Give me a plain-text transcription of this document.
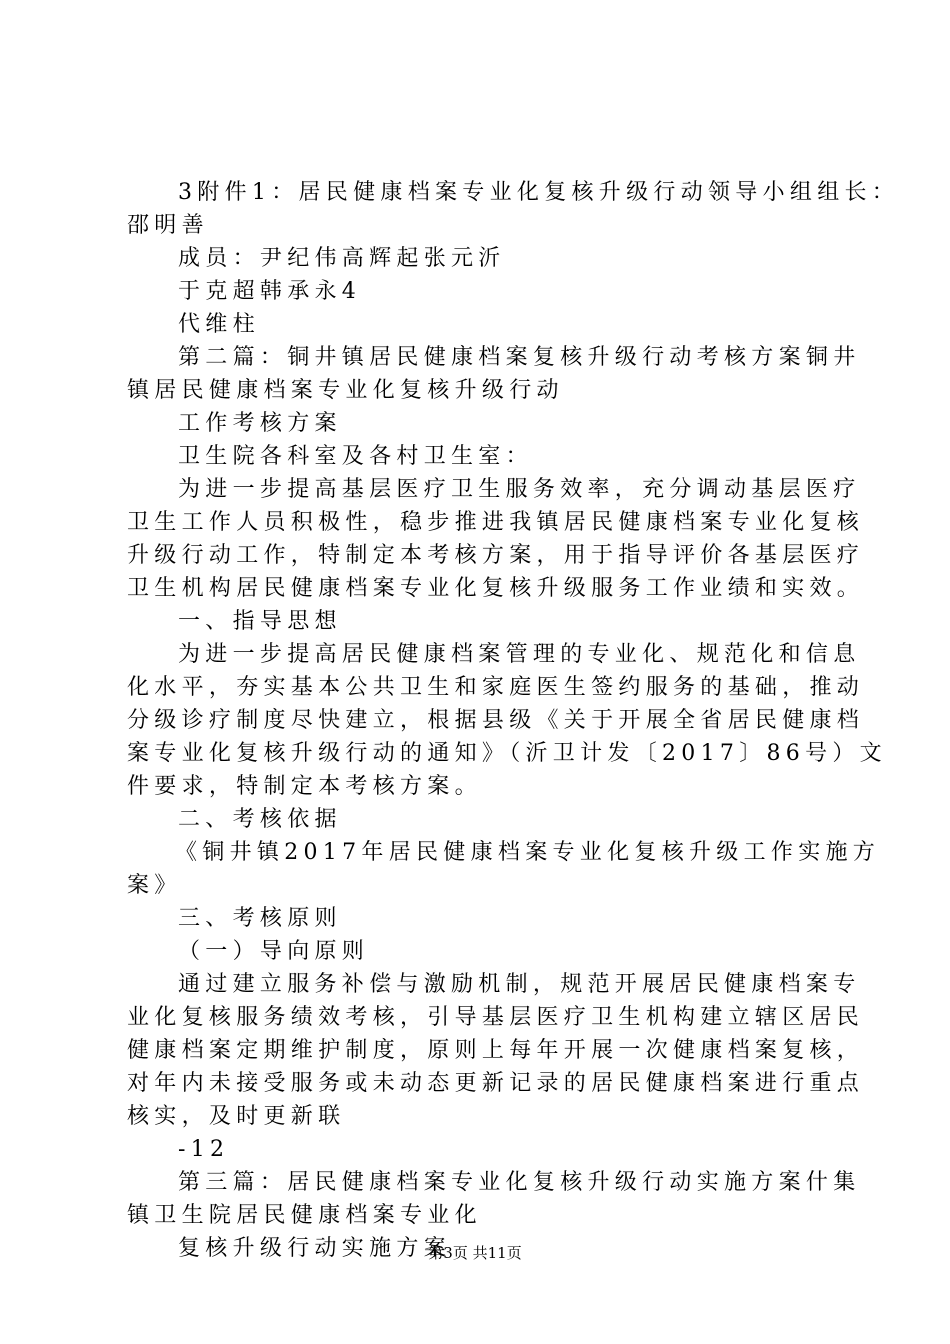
3附件1：居民健康档案专业化复核升级行动领导小组组长：
邵明善
成员：尹纪伟高辉起张元沂
于克超韩承永4
代维柱
第二篇：铜井镇居民健康档案复核升级行动考核方案铜井
镇居民健康档案专业化复核升级行动
工作考核方案
卫生院各科室及各村卫生室：
为进一步提高基层医疗卫生服务效率，充分调动基层医疗
卫生工作人员积极性，稳步推进我镇居民健康档案专业化复核
升级行动工作，特制定本考核方案，用于指导评价各基层医疗
卫生机构居民健康档案专业化复核升级服务工作业绩和实效。
一、指导思想
为进一步提高居民健康档案管理的专业化、规范化和信息
化水平，夯实基本公共卫生和家庭医生签约服务的基础，推动
分级诊疗制度尽快建立，根据县级《关于开展全省居民健康档
案专业化复核升级行动的通知》（沂卫计发〔2017〕86号）文
件要求，特制定本考核方案。
二、考核依据
《铜井镇2017年居民健康档案专业化复核升级工作实施方
案》
三、考核原则
（一）导向原则
通过建立服务补偿与激励机制，规范开展居民健康档案专
业化复核服务绩效考核，引导基层医疗卫生机构建立辖区居民
健康档案定期维护制度，原则上每年开展一次健康档案复核，
对年内未接受服务或未动态更新记录的居民健康档案进行重点
核实，及时更新联
-12
第三篇：居民健康档案专业化复核升级行动实施方案什集
镇卫生院居民健康档案专业化
复核升级行动实施方案
第3页 共11页
